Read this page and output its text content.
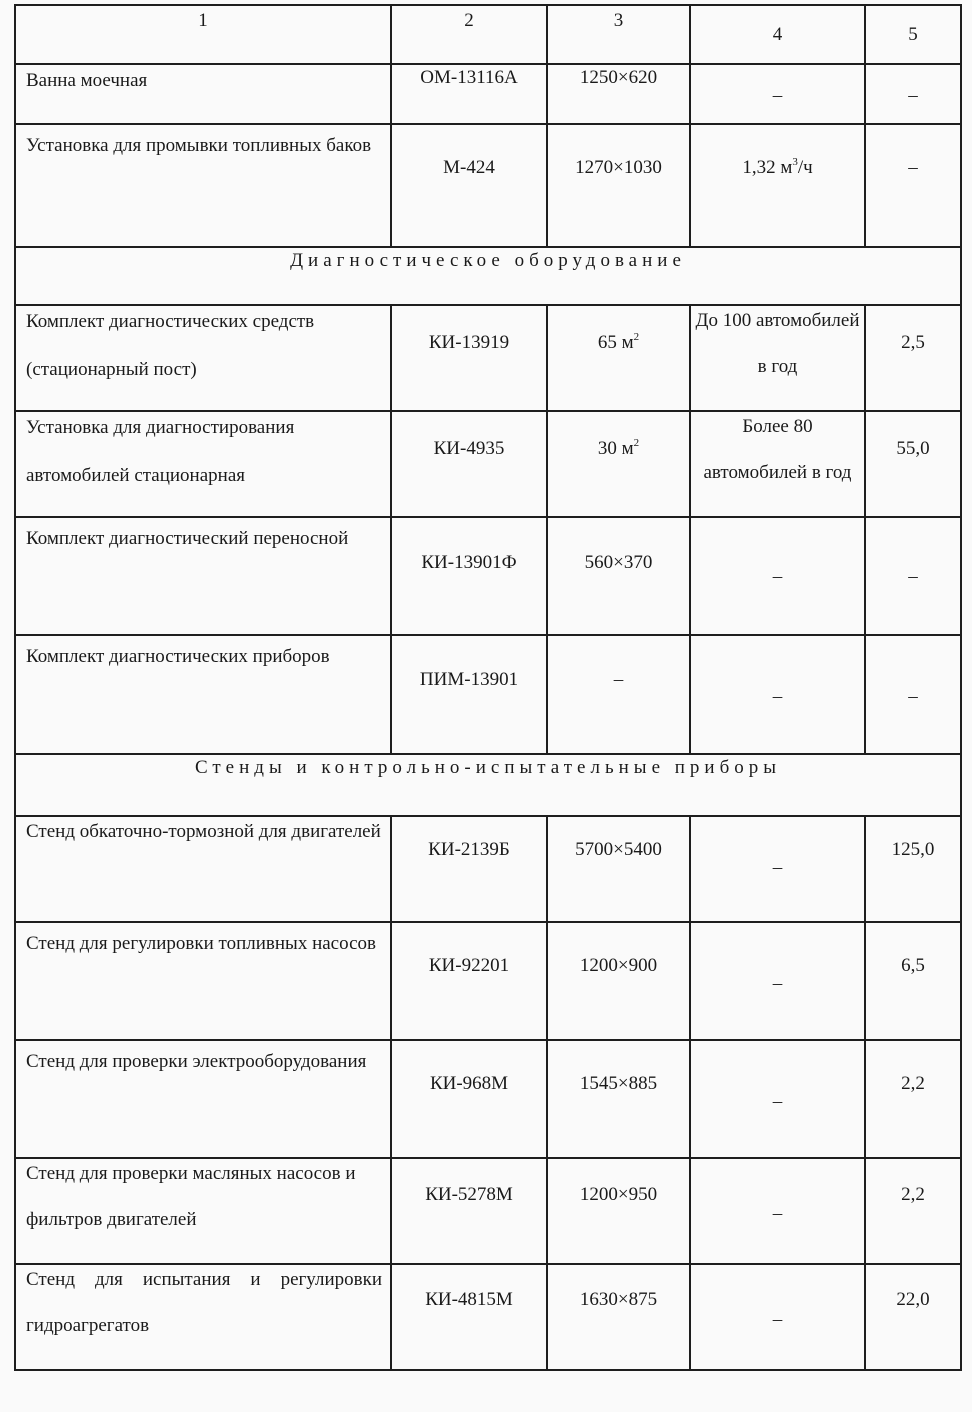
1	2	3	4	5

Ванна моечная	ОМ-13116А	1250×620	–	–

Установка для промывки топливных баков	М-424	1270×1030	1,32 $м^3/ч$	–

Диагностическое оборудование				

Комплект диагностических средств (стационарный пост)	КИ-13919	65 $м^2$	До 100 автомобилей в год	2,5

Установка для диагностирования автомобилей стационарная	КИ-4935	30 $м^2$	Более 80 автомобилей в год	55,0

Комплект диагностический переносной	КИ-13901Ф	560×370	–	–

Комплект диагностических приборов	ПИМ-13901	–	–	–

Стенды и контрольно-испытательные приборы				

Стенд обкаточно-тормозной для двигателей	КИ-2139Б	5700×5400	–	125,0

Стенд для регулировки топливных насосов	КИ-92201	1200×900	–	6,5

Стенд для проверки электрооборудования	КИ-968М	1545×885	–	2,2

Стенд для проверки масляных насосов и фильтров двигателей	КИ-5278М	1200×950	–	2,2

Стенд для испытания и регулировки гидроагрегатов	КИ-4815М	1630×875	–	22,0
